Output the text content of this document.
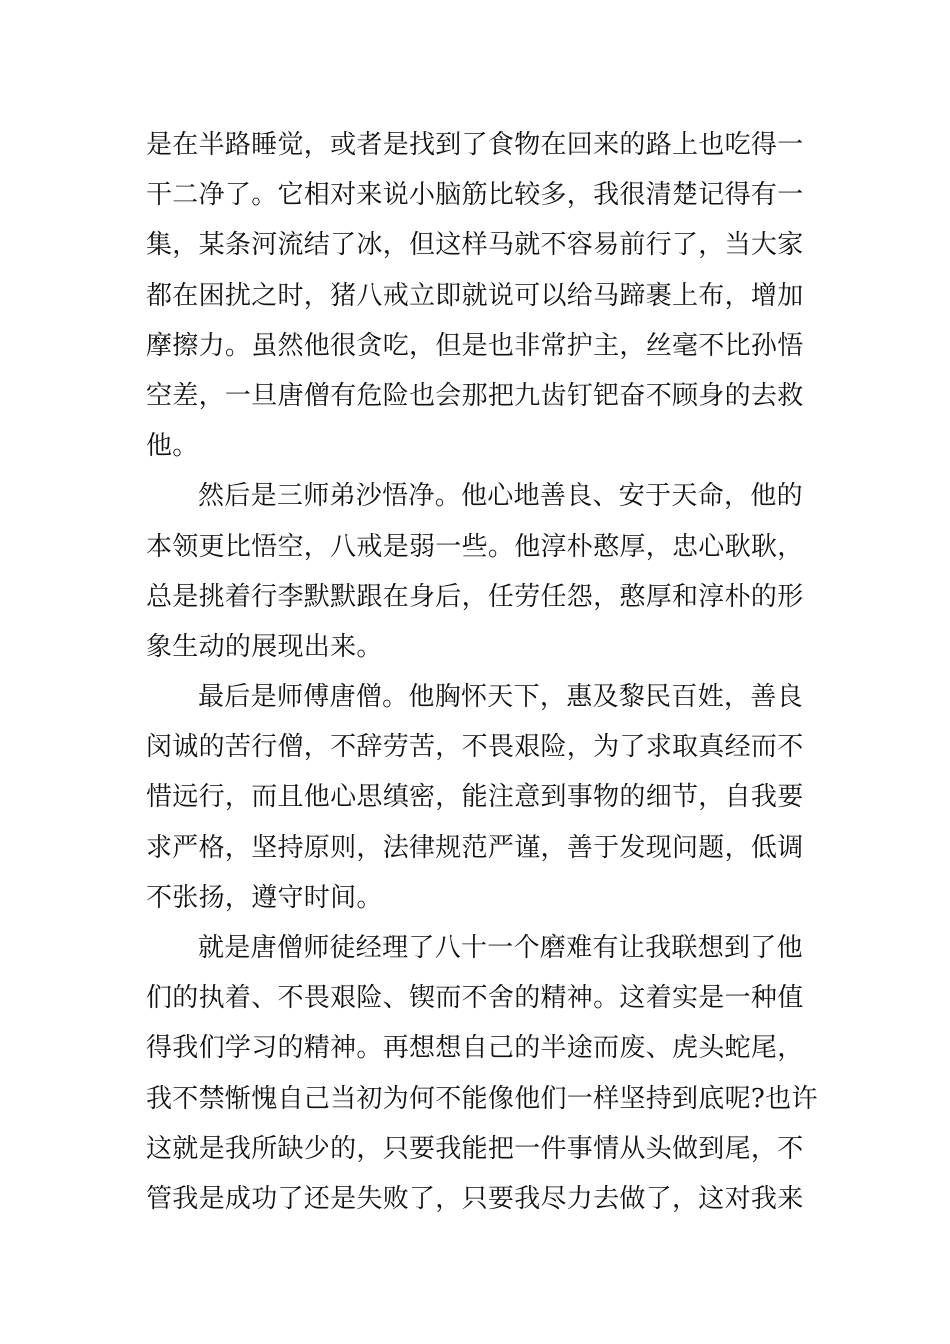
是在半路睡觉，或者是找到了食物在回来的路上也吃得一
干二净了。它相对来说小脑筋比较多，我很清楚记得有一
集，某条河流结了冰，但这样马就不容易前行了，当大家
都在困扰之时，猪八戒立即就说可以给马蹄裹上布，增加
摩擦力。虽然他很贪吃，但是也非常护主，丝毫不比孙悟
空差，一旦唐僧有危险也会那把九齿钉钯奋不顾身的去救
他。
然后是三师弟沙悟净。他心地善良、安于天命，他的
本领更比悟空，八戒是弱一些。他淳朴憨厚，忠心耿耿，
总是挑着行李默默跟在身后，任劳任怨，憨厚和淳朴的形
象生动的展现出来。
最后是师傅唐僧。他胸怀天下，惠及黎民百姓，善良
闵诚的苦行僧，不辞劳苦，不畏艰险，为了求取真经而不
惜远行，而且他心思缜密，能注意到事物的细节，自我要
求严格，坚持原则，法律规范严谨，善于发现问题，低调
不张扬，遵守时间。
就是唐僧师徒经理了八十一个磨难有让我联想到了他
们的执着、不畏艰险、锲而不舍的精神。这着实是一种值
得我们学习的精神。再想想自己的半途而废、虎头蛇尾，
我不禁惭愧自己当初为何不能像他们一样坚持到底呢?也许
这就是我所缺少的，只要我能把一件事情从头做到尾，不
管我是成功了还是失败了，只要我尽力去做了，这对我来
